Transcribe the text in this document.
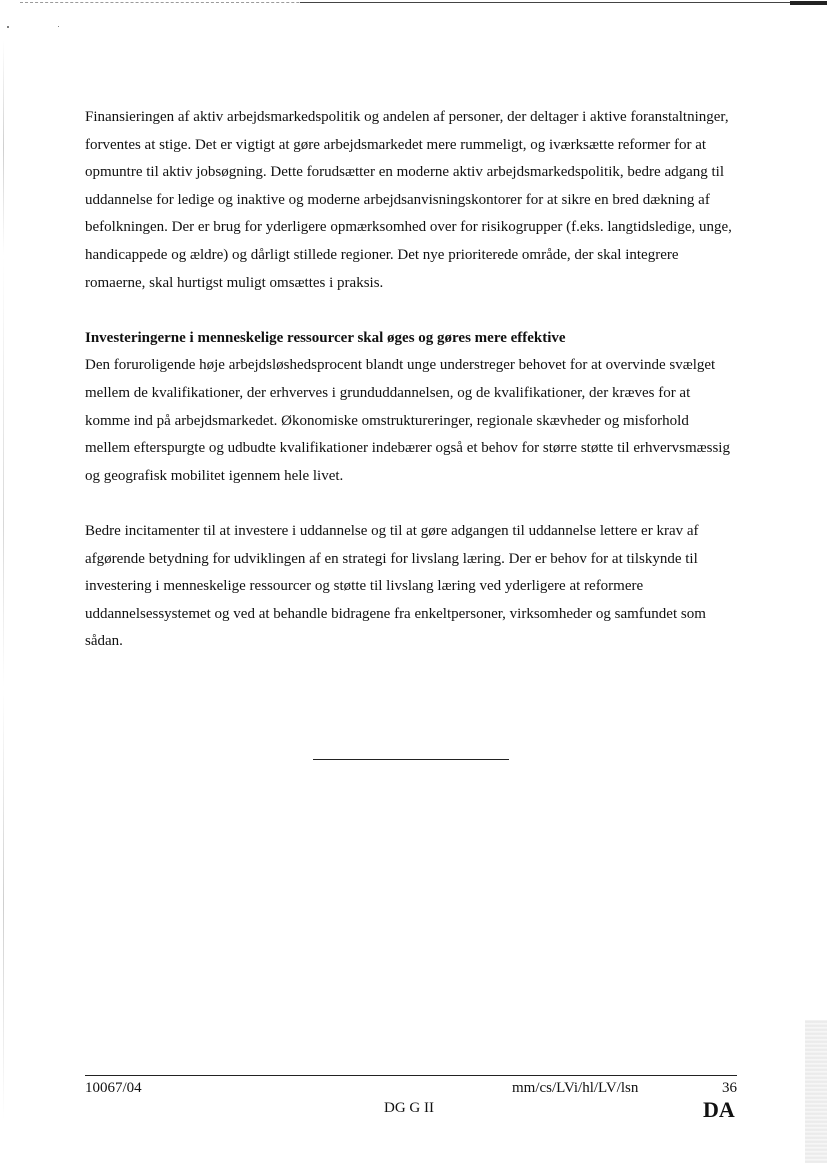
Finansieringen af aktiv arbejdsmarkedspolitik og andelen af personer, der deltager i aktive foranstaltninger, forventes at stige. Det er vigtigt at gøre arbejdsmarkedet mere rummeligt, og iværksætte reformer for at opmuntre til aktiv jobsøgning. Dette forudsætter en moderne aktiv arbejdsmarkedspolitik, bedre adgang til uddannelse for ledige og inaktive og moderne arbejdsanvisningskontorer for at sikre en bred dækning af befolkningen. Der er brug for yderligere opmærksomhed over for risikogrupper (f.eks. langtidsledige, unge, handicappede og ældre) og dårligt stillede regioner. Det nye prioriterede område, der skal integrere romaerne, skal hurtigst muligt omsættes i praksis.

Investeringerne i menneskelige ressourcer skal øges og gøres mere effektive

Den foruroligende høje arbejdsløshedsprocent blandt unge understreger behovet for at overvinde svælget mellem de kvalifikationer, der erhverves i grunduddannelsen, og de kvalifikationer, der kræves for at komme ind på arbejdsmarkedet. Økonomiske omstruktureringer, regionale skævheder og misforhold mellem efterspurgte og udbudte kvalifikationer indebærer også et behov for større støtte til erhvervsmæssig og geografisk mobilitet igennem hele livet.

Bedre incitamenter til at investere i uddannelse og til at gøre adgangen til uddannelse lettere er krav af afgørende betydning for udviklingen af en strategi for livslang læring. Der er behov for at tilskynde til investering i menneskelige ressourcer og støtte til livslang læring ved yderligere at reformere uddannelsessystemet og ved at behandle bidragene fra enkeltpersoner, virksomheder og samfundet som sådan.

10067/04
DG G II
mm/cs/LVi/hl/LV/lsn	36
DA
